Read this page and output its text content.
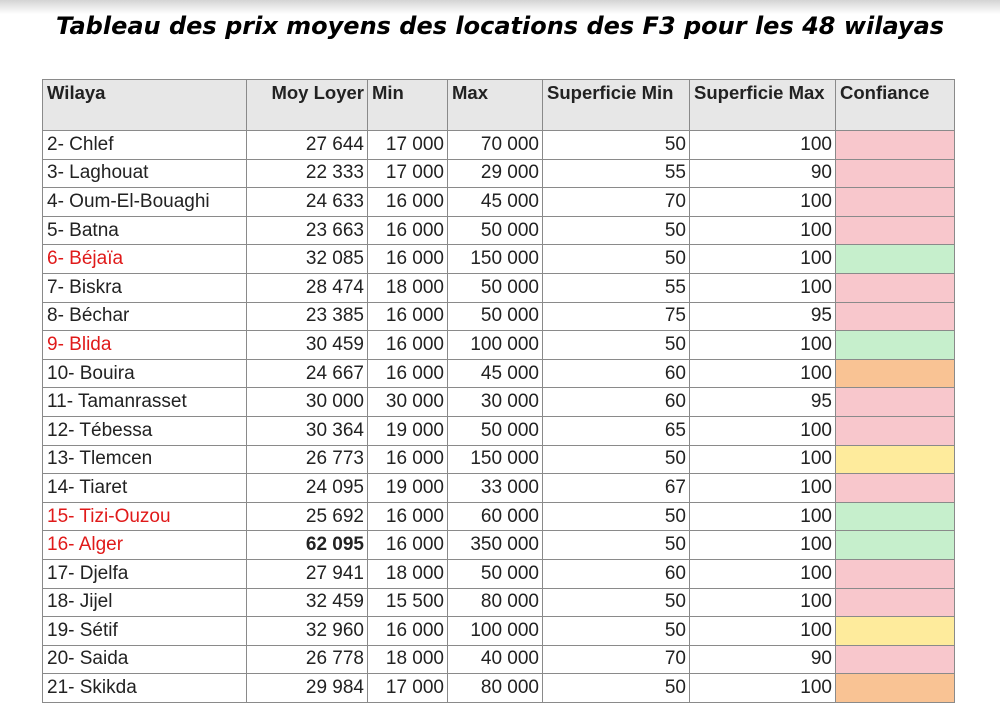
Tableau des prix moyens des locations des F3 pour les 48 wilayas
Wilaya	Moy Loyer	Min	Max	Superficie Min	Superficie Max	Confiance
2- Chlef	27 644	17 000	70 000	50	100	
3- Laghouat	22 333	17 000	29 000	55	90	
4- Oum-El-Bouaghi	24 633	16 000	45 000	70	100	
5- Batna	23 663	16 000	50 000	50	100	
6- Béjaïa	32 085	16 000	150 000	50	100	
7- Biskra	28 474	18 000	50 000	55	100	
8- Béchar	23 385	16 000	50 000	75	95	
9- Blida	30 459	16 000	100 000	50	100	
10- Bouira	24 667	16 000	45 000	60	100	
11- Tamanrasset	30 000	30 000	30 000	60	95	
12- Tébessa	30 364	19 000	50 000	65	100	
13- Tlemcen	26 773	16 000	150 000	50	100	
14- Tiaret	24 095	19 000	33 000	67	100	
15- Tizi-Ouzou	25 692	16 000	60 000	50	100	
16- Alger	62 095	16 000	350 000	50	100	
17- Djelfa	27 941	18 000	50 000	60	100	
18- Jijel	32 459	15 500	80 000	50	100	
19- Sétif	32 960	16 000	100 000	50	100	
20- Saida	26 778	18 000	40 000	70	90	
21- Skikda	29 984	17 000	80 000	50	100	
